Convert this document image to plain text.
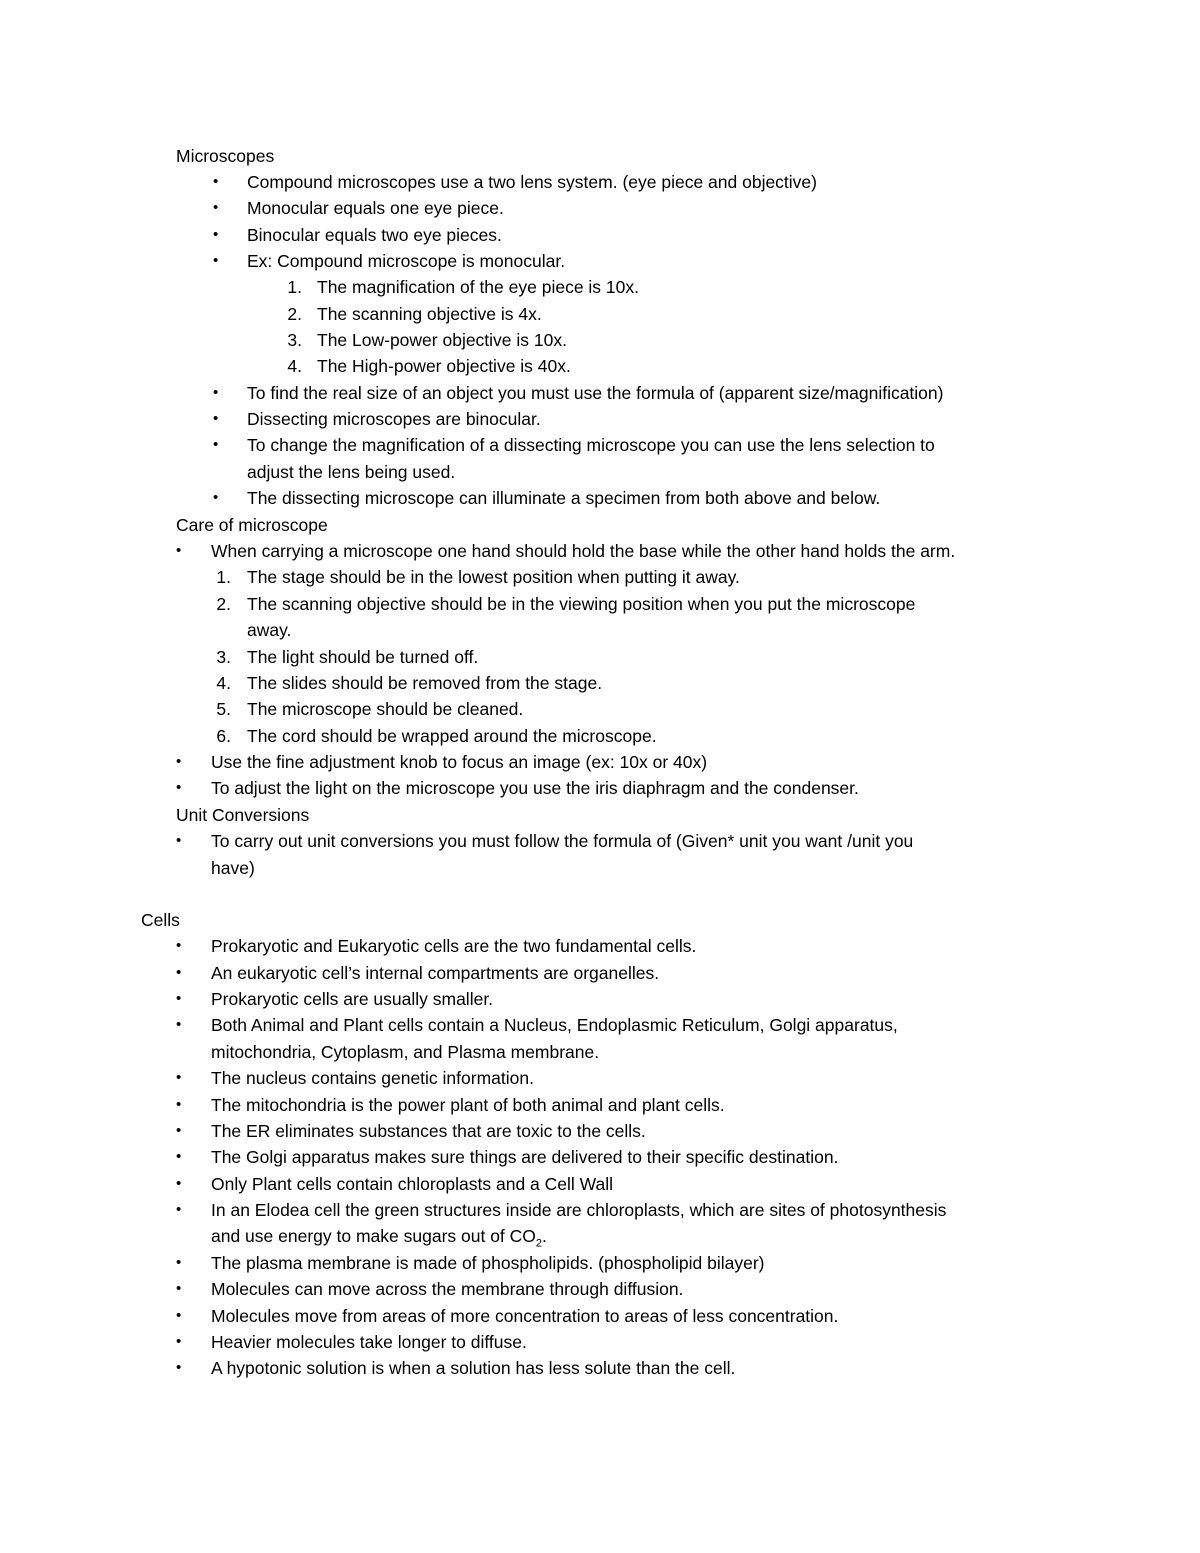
Microscopes
• Compound microscopes use a two lens system. (eye piece and objective)
• Monocular equals one eye piece.
• Binocular equals two eye pieces.
• Ex: Compound microscope is monocular.
1. The magnification of the eye piece is 10x.
2. The scanning objective is 4x.
3. The Low-power objective is 10x.
4. The High-power objective is 40x.
• To find the real size of an object you must use the formula of (apparent size/magnification)
• Dissecting microscopes are binocular.
• To change the magnification of a dissecting microscope you can use the lens selection to
adjust the lens being used.
• The dissecting microscope can illuminate a specimen from both above and below.
Care of microscope
• When carrying a microscope one hand should hold the base while the other hand holds the arm.
1. The stage should be in the lowest position when putting it away.
2. The scanning objective should be in the viewing position when you put the microscope
away.
3. The light should be turned off.
4. The slides should be removed from the stage.
5. The microscope should be cleaned.
6. The cord should be wrapped around the microscope.
• Use the fine adjustment knob to focus an image (ex: 10x or 40x)
• To adjust the light on the microscope you use the iris diaphragm and the condenser.
Unit Conversions
• To carry out unit conversions you must follow the formula of (Given* unit you want /unit you
have)
Cells
• Prokaryotic and Eukaryotic cells are the two fundamental cells.
• An eukaryotic cell’s internal compartments are organelles.
• Prokaryotic cells are usually smaller.
• Both Animal and Plant cells contain a Nucleus, Endoplasmic Reticulum, Golgi apparatus,
mitochondria, Cytoplasm, and Plasma membrane.
• The nucleus contains genetic information.
• The mitochondria is the power plant of both animal and plant cells.
• The ER eliminates substances that are toxic to the cells.
• The Golgi apparatus makes sure things are delivered to their specific destination.
• Only Plant cells contain chloroplasts and a Cell Wall
• In an Elodea cell the green structures inside are chloroplasts, which are sites of photosynthesis
and use energy to make sugars out of $CO_2$.
• The plasma membrane is made of phospholipids. (phospholipid bilayer)
• Molecules can move across the membrane through diffusion.
• Molecules move from areas of more concentration to areas of less concentration.
• Heavier molecules take longer to diffuse.
• A hypotonic solution is when a solution has less solute than the cell.
